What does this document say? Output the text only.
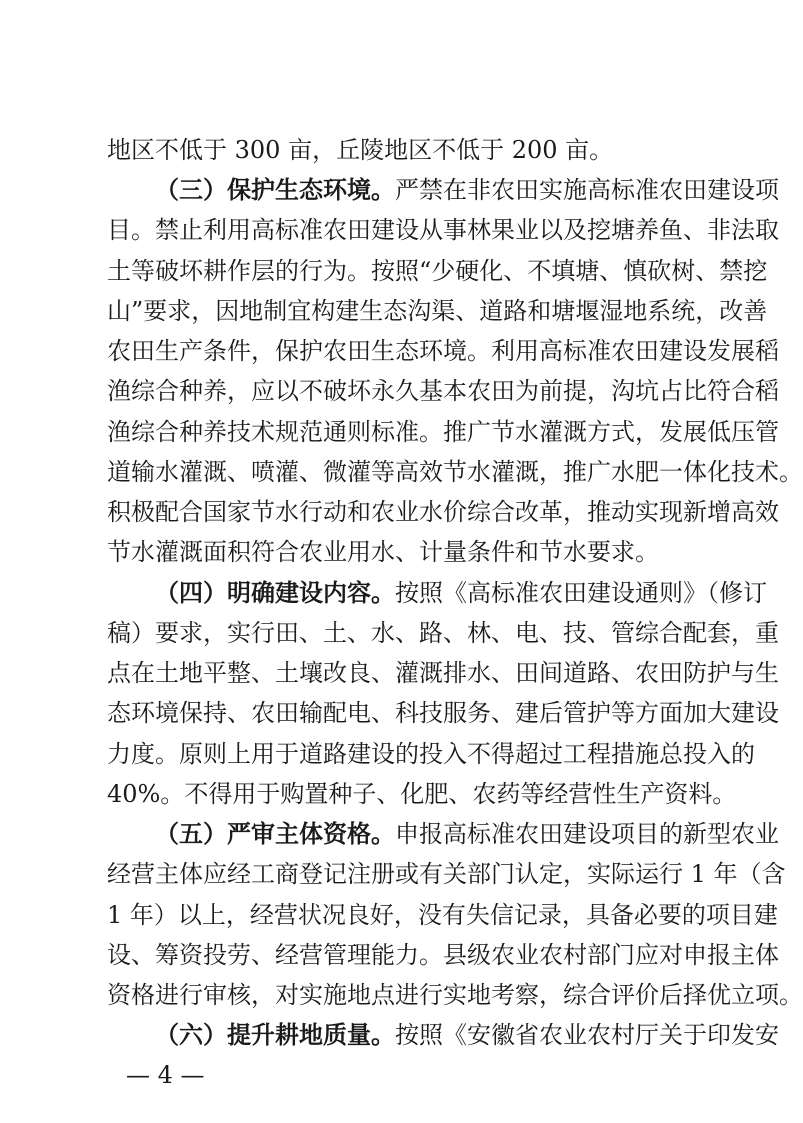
地区不低于 300 亩，丘陵地区不低于 200 亩。
（三）保护生态环境。严禁在非农田实施高标准农田建设项
目。禁止利用高标准农田建设从事林果业以及挖塘养鱼、非法取
土等破坏耕作层的行为。按照“少硬化、不填塘、慎砍树、禁挖
山”要求，因地制宜构建生态沟渠、道路和塘堰湿地系统，改善
农田生产条件，保护农田生态环境。利用高标准农田建设发展稻
渔综合种养，应以不破坏永久基本农田为前提，沟坑占比符合稻
渔综合种养技术规范通则标准。推广节水灌溉方式，发展低压管
道输水灌溉、喷灌、微灌等高效节水灌溉，推广水肥一体化技术。
积极配合国家节水行动和农业水价综合改革，推动实现新增高效
节水灌溉面积符合农业用水、计量条件和节水要求。
（四）明确建设内容。按照《高标准农田建设通则》（修订
稿）要求，实行田、土、水、路、林、电、技、管综合配套，重
点在土地平整、土壤改良、灌溉排水、田间道路、农田防护与生
态环境保持、农田输配电、科技服务、建后管护等方面加大建设
力度。原则上用于道路建设的投入不得超过工程措施总投入的
40%。不得用于购置种子、化肥、农药等经营性生产资料。
（五）严审主体资格。申报高标准农田建设项目的新型农业
经营主体应经工商登记注册或有关部门认定，实际运行 1 年（含
1 年）以上，经营状况良好，没有失信记录，具备必要的项目建
设、筹资投劳、经营管理能力。县级农业农村部门应对申报主体
资格进行审核，对实施地点进行实地考察，综合评价后择优立项。
（六）提升耕地质量。按照《安徽省农业农村厅关于印发安
— 4 —
